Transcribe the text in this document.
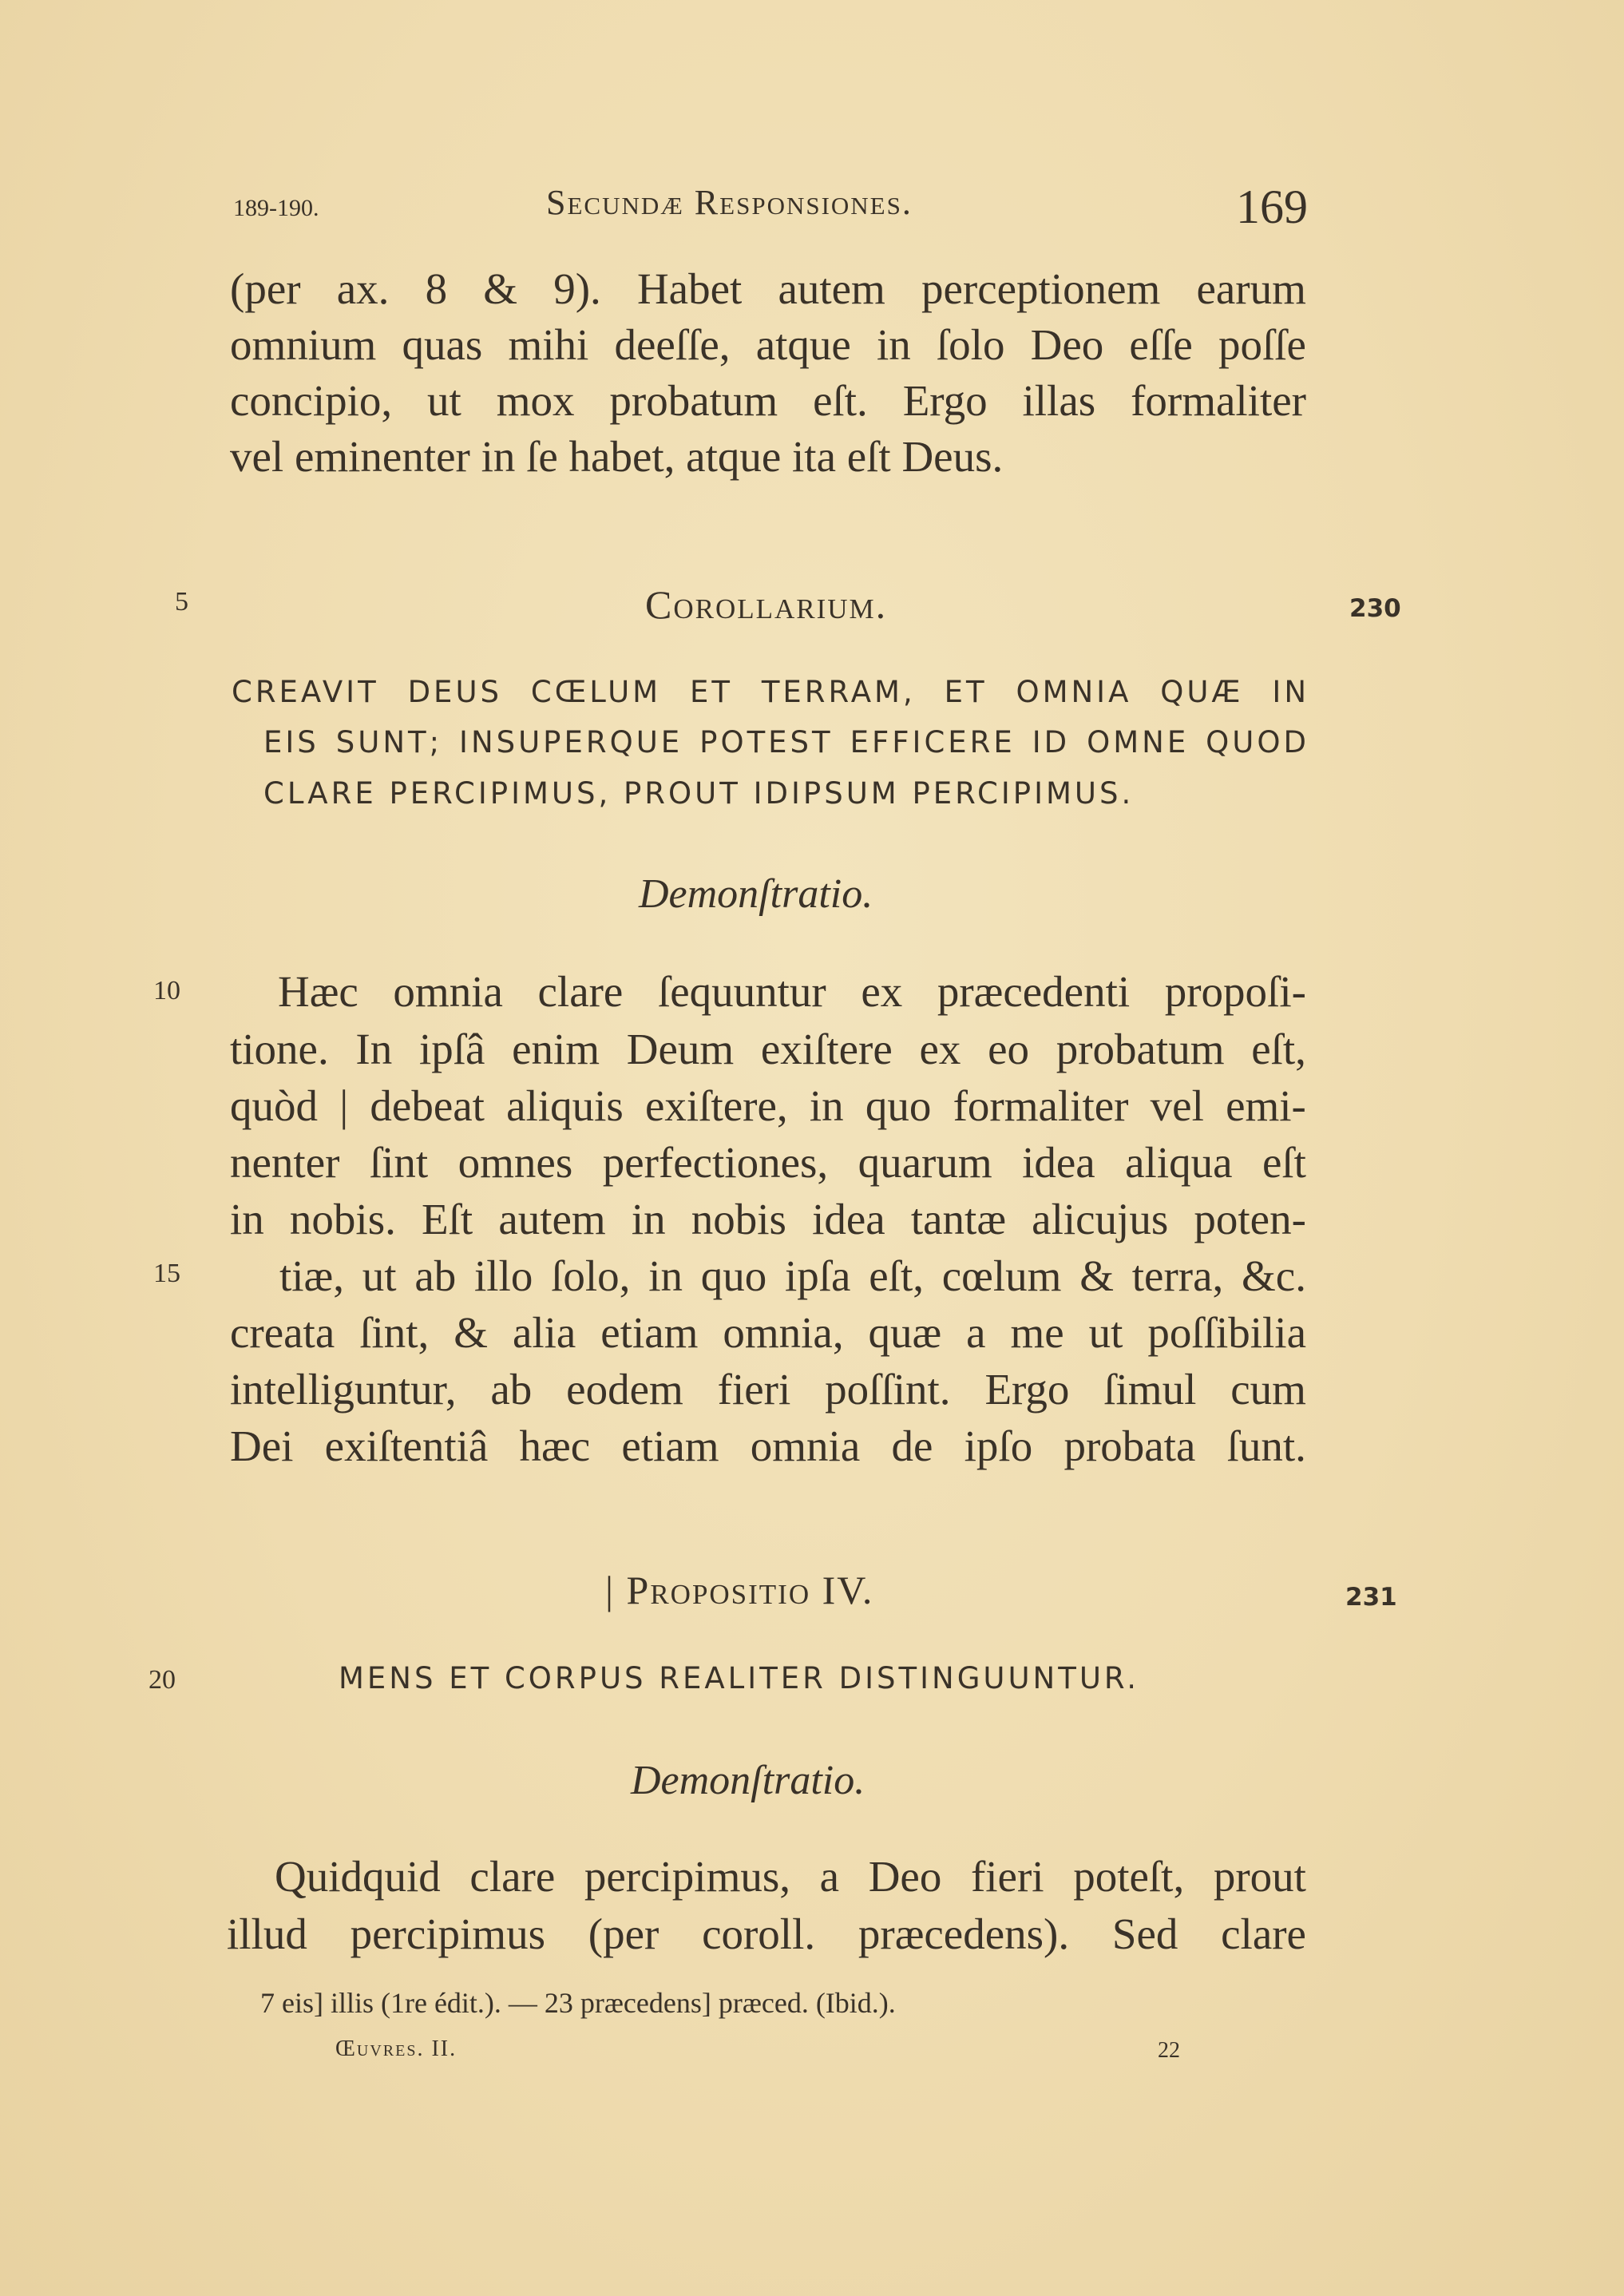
189-190.	Secundæ Responsiones.	169
(per ax. 8 & 9). Habet autem perceptionem earum
omnium quas mihi deeſſe, atque in ſolo Deo eſſe poſſe
concipio, ut mox probatum eſt. Ergo illas formaliter
vel eminenter in ſe habet, atque ita eſt Deus.
5	Corollarium.	230
CREAVIT DEUS CŒLUM ET TERRAM, ET OMNIA QUÆ IN
EIS SUNT; INSUPERQUE POTEST EFFICERE ID OMNE QUOD
CLARE PERCIPIMUS, PROUT IDIPSUM PERCIPIMUS.
Demonſtratio.
10
15
Hæc omnia clare ſequuntur ex præcedenti propoſi-
tione. In ipſâ enim Deum exiſtere ex eo probatum eſt,
quòd | debeat aliquis exiſtere, in quo formaliter vel emi-
nenter ſint omnes perfectiones, quarum idea aliqua eſt
in nobis. Eſt autem in nobis idea tantæ alicujus poten-
tiæ, ut ab illo ſolo, in quo ipſa eſt, cœlum & terra, &c.
creata ſint, & alia etiam omnia, quæ a me ut poſſibilia
intelliguntur, ab eodem fieri poſſint. Ergo ſimul cum
Dei exiſtentiâ hæc etiam omnia de ipſo probata ſunt.
| Propositio IV.	231
20	MENS ET CORPUS REALITER DISTINGUUNTUR.
Demonſtratio.
Quidquid clare percipimus, a Deo fieri poteſt, prout
illud percipimus (per coroll. præcedens). Sed clare
7 eis] illis (1re édit.). — 23 præcedens] præced. (Ibid.).
Œuvres. II.	22
